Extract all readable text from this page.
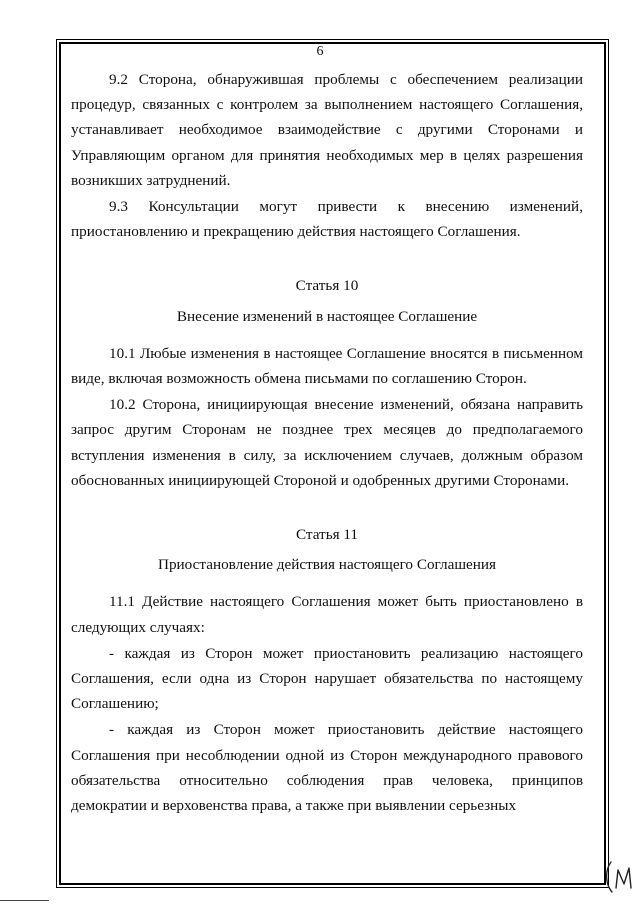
6

9.2 Сторона, обнаружившая проблемы с обеспечением реализации процедур, связанных с контролем за выполнением настоящего Соглашения, устанавливает необходимое взаимодействие с другими Сторонами и Управляющим органом для принятия необходимых мер в целях разрешения возникших затруднений.

9.3 Консультации могут привести к внесению изменений, приостановлению и прекращению действия настоящего Соглашения.

Статья 10

Внесение изменений в настоящее Соглашение

10.1 Любые изменения в настоящее Соглашение вносятся в письменном виде, включая возможность обмена письмами по соглашению Сторон.

10.2 Сторона, инициирующая внесение изменений, обязана направить запрос другим Сторонам не позднее трех месяцев до предполагаемого вступления изменения в силу, за исключением случаев, должным образом обоснованных инициирующей Стороной и одобренных другими Сторонами.

Статья 11

Приостановление действия настоящего Соглашения

11.1 Действие настоящего Соглашения может быть приостановлено в следующих случаях:

- каждая из Сторон может приостановить реализацию настоящего Соглашения, если одна из Сторон нарушает обязательства по настоящему Соглашению;

- каждая из Сторон может приостановить действие настоящего Соглашения при несоблюдении одной из Сторон международного правового обязательства относительно соблюдения прав человека, принципов демократии и верховенства права, а также при выявлении серьезных
